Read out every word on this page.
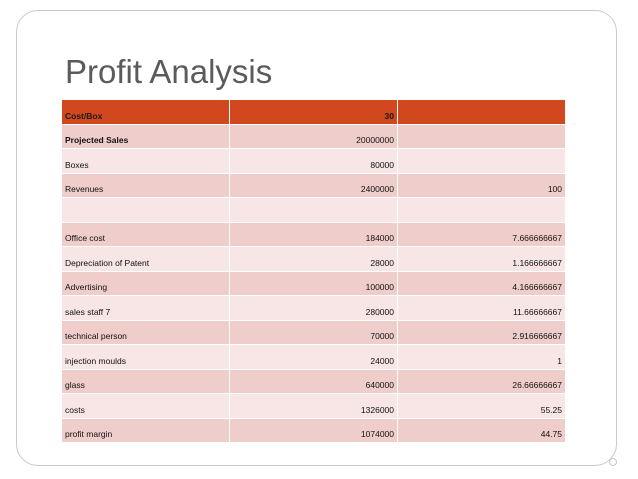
Profit Analysis
Cost/Box	30	
Projected Sales	20000000	
Boxes	80000	
Revenues	2400000	100

Office cost	184000	7.666666667
Depreciation of Patent	28000	1.166666667
Advertising	100000	4.166666667
sales staff 7	280000	11.66666667
technical person	70000	2.916666667
injection moulds	24000	1
glass	640000	26.66666667
costs	1326000	55.25
profit margin	1074000	44.75
